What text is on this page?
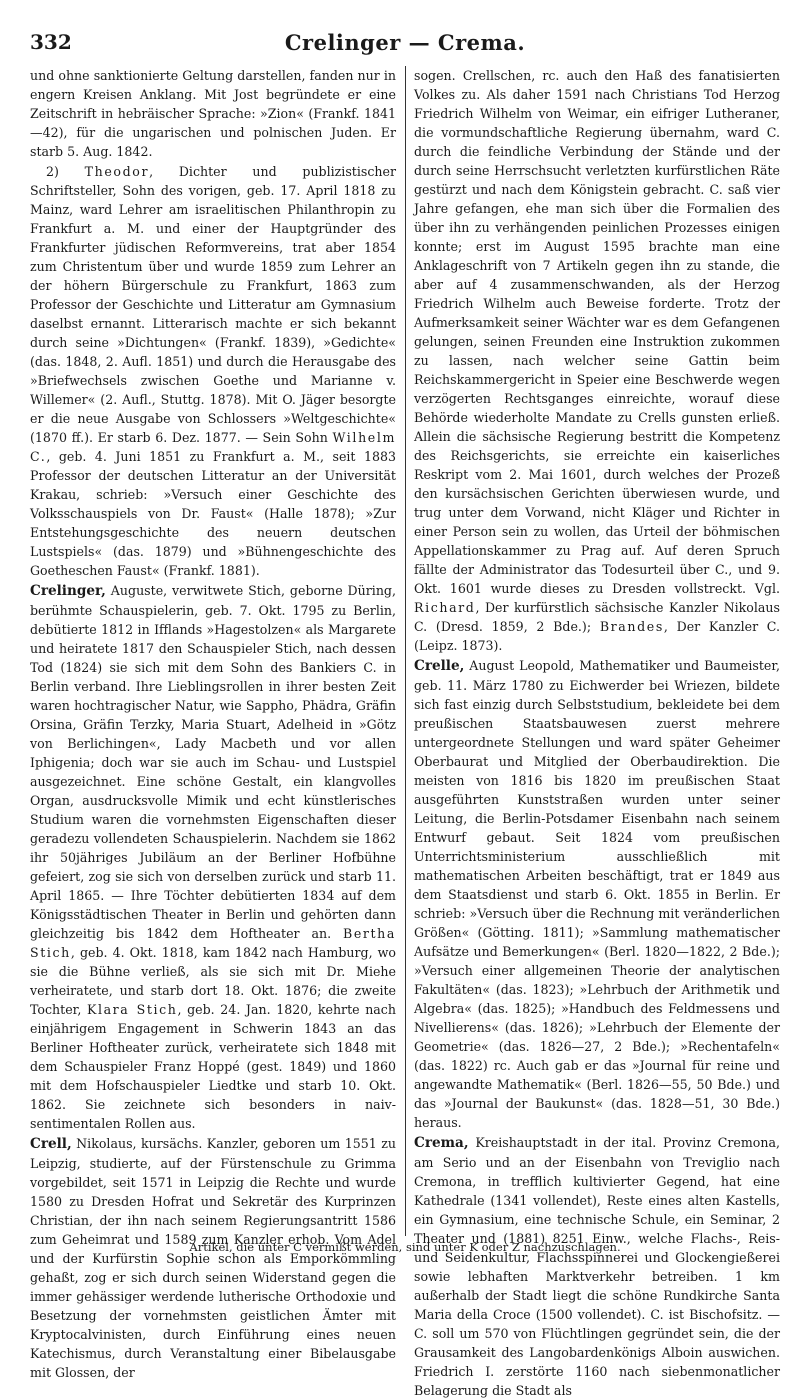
332	Crelinger — Crema.

und ohne sanktionierte Geltung darstellen, fanden nur in engern Kreisen Anklang. Mit Jost begründete er eine Zeitschrift in hebräischer Sprache: »Zion« (Frankf. 1841—42), für die ungarischen und polnischen Juden. Er starb 5. Aug. 1842.

2) Theodor, Dichter und publizistischer Schriftsteller, Sohn des vorigen, geb. 17. April 1818 zu Mainz, ward Lehrer am israelitischen Philanthropin zu Frankfurt a. M. und einer der Hauptgründer des Frankfurter jüdischen Reformvereins, trat aber 1854 zum Christentum über und wurde 1859 zum Lehrer an der höhern Bürgerschule zu Frankfurt, 1863 zum Professor der Geschichte und Litteratur am Gymnasium daselbst ernannt. Litterarisch machte er sich bekannt durch seine »Dichtungen« (Frankf. 1839), »Gedichte« (das. 1848, 2. Aufl. 1851) und durch die Herausgabe des »Briefwechsels zwischen Goethe und Marianne v. Willemer« (2. Aufl., Stuttg. 1878). Mit O. Jäger besorgte er die neue Ausgabe von Schlossers »Weltgeschichte« (1870 ff.). Er starb 6. Dez. 1877. — Sein Sohn Wilhelm C., geb. 4. Juni 1851 zu Frankfurt a. M., seit 1883 Professor der deutschen Litteratur an der Universität Krakau, schrieb: »Versuch einer Geschichte des Volksschauspiels von Dr. Faust« (Halle 1878); »Zur Entstehungsgeschichte des neuern deutschen Lustspiels« (das. 1879) und »Bühnengeschichte des Goetheschen Faust« (Frankf. 1881).

Crelinger, Auguste, verwitwete Stich, geborne Düring, berühmte Schauspielerin, geb. 7. Okt. 1795 zu Berlin, debütierte 1812 in Ifflands »Hagestolzen« als Margarete und heiratete 1817 den Schauspieler Stich, nach dessen Tod (1824) sie sich mit dem Sohn des Bankiers C. in Berlin verband. Ihre Lieblingsrollen in ihrer besten Zeit waren hochtragischer Natur, wie Sappho, Phädra, Gräfin Orsina, Gräfin Terzky, Maria Stuart, Adelheid in »Götz von Berlichingen«, Lady Macbeth und vor allen Iphigenia; doch war sie auch im Schau- und Lustspiel ausgezeichnet. Eine schöne Gestalt, ein klangvolles Organ, ausdrucksvolle Mimik und echt künstlerisches Studium waren die vornehmsten Eigenschaften dieser geradezu vollendeten Schauspielerin. Nachdem sie 1862 ihr 50jähriges Jubiläum an der Berliner Hofbühne gefeiert, zog sie sich von derselben zurück und starb 11. April 1865. — Ihre Töchter debütierten 1834 auf dem Königsstädtischen Theater in Berlin und gehörten dann gleichzeitig bis 1842 dem Hoftheater an. Bertha Stich, geb. 4. Okt. 1818, kam 1842 nach Hamburg, wo sie die Bühne verließ, als sie sich mit Dr. Miehe verheiratete, und starb dort 18. Okt. 1876; die zweite Tochter, Klara Stich, geb. 24. Jan. 1820, kehrte nach einjährigem Engagement in Schwerin 1843 an das Berliner Hoftheater zurück, verheiratete sich 1848 mit dem Schauspieler Franz Hoppé (gest. 1849) und 1860 mit dem Hofschauspieler Liedtke und starb 10. Okt. 1862. Sie zeichnete sich besonders in naiv-sentimentalen Rollen aus.

Crell, Nikolaus, kursächs. Kanzler, geboren um 1551 zu Leipzig, studierte, auf der Fürstenschule zu Grimma vorgebildet, seit 1571 in Leipzig die Rechte und wurde 1580 zu Dresden Hofrat und Sekretär des Kurprinzen Christian, der ihn nach seinem Regierungsantritt 1586 zum Geheimrat und 1589 zum Kanzler erhob. Vom Adel und der Kurfürstin Sophie schon als Emporkömmling gehaßt, zog er sich durch seinen Widerstand gegen die immer gehässiger werdende lutherische Orthodoxie und Besetzung der vornehmsten geistlichen Ämter mit Kryptocalvinisten, durch Einführung eines neuen Katechismus, durch Veranstaltung einer Bibelausgabe mit Glossen, der

sogen. Crellschen, rc. auch den Haß des fanatisierten Volkes zu. Als daher 1591 nach Christians Tod Herzog Friedrich Wilhelm von Weimar, ein eifriger Lutheraner, die vormundschaftliche Regierung übernahm, ward C. durch die feindliche Verbindung der Stände und der durch seine Herrschsucht verletzten kurfürstlichen Räte gestürzt und nach dem Königstein gebracht. C. saß vier Jahre gefangen, ehe man sich über die Formalien des über ihn zu verhängenden peinlichen Prozesses einigen konnte; erst im August 1595 brachte man eine Anklageschrift von 7 Artikeln gegen ihn zu stande, die aber auf 4 zusammenschwanden, als der Herzog Friedrich Wilhelm auch Beweise forderte. Trotz der Aufmerksamkeit seiner Wächter war es dem Gefangenen gelungen, seinen Freunden eine Instruktion zukommen zu lassen, nach welcher seine Gattin beim Reichskammergericht in Speier eine Beschwerde wegen verzögerten Rechtsganges einreichte, worauf diese Behörde wiederholte Mandate zu Crells gunsten erließ. Allein die sächsische Regierung bestritt die Kompetenz des Reichsgerichts, sie erreichte ein kaiserliches Reskript vom 2. Mai 1601, durch welches der Prozeß den kursächsischen Gerichten überwiesen wurde, und trug unter dem Vorwand, nicht Kläger und Richter in einer Person sein zu wollen, das Urteil der böhmischen Appellationskammer zu Prag auf. Auf deren Spruch fällte der Administrator das Todesurteil über C., und 9. Okt. 1601 wurde dieses zu Dresden vollstreckt. Vgl. Richard, Der kurfürstlich sächsische Kanzler Nikolaus C. (Dresd. 1859, 2 Bde.); Brandes, Der Kanzler C. (Leipz. 1873).

Crelle, August Leopold, Mathematiker und Baumeister, geb. 11. März 1780 zu Eichwerder bei Wriezen, bildete sich fast einzig durch Selbststudium, bekleidete bei dem preußischen Staatsbauwesen zuerst mehrere untergeordnete Stellungen und ward später Geheimer Oberbaurat und Mitglied der Oberbaudirektion. Die meisten von 1816 bis 1820 im preußischen Staat ausgeführten Kunststraßen wurden unter seiner Leitung, die Berlin-Potsdamer Eisenbahn nach seinem Entwurf gebaut. Seit 1824 vom preußischen Unterrichtsministerium ausschließlich mit mathematischen Arbeiten beschäftigt, trat er 1849 aus dem Staatsdienst und starb 6. Okt. 1855 in Berlin. Er schrieb: »Versuch über die Rechnung mit veränderlichen Größen« (Götting. 1811); »Sammlung mathematischer Aufsätze und Bemerkungen« (Berl. 1820—1822, 2 Bde.); »Versuch einer allgemeinen Theorie der analytischen Fakultäten« (das. 1823); »Lehrbuch der Arithmetik und Algebra« (das. 1825); »Handbuch des Feldmessens und Nivellierens« (das. 1826); »Lehrbuch der Elemente der Geometrie« (das. 1826—27, 2 Bde.); »Rechentafeln« (das. 1822) rc. Auch gab er das »Journal für reine und angewandte Mathematik« (Berl. 1826—55, 50 Bde.) und das »Journal der Baukunst« (das. 1828—51, 30 Bde.) heraus.

Crema, Kreishauptstadt in der ital. Provinz Cremona, am Serio und an der Eisenbahn von Treviglio nach Cremona, in trefflich kultivierter Gegend, hat eine Kathedrale (1341 vollendet), Reste eines alten Kastells, ein Gymnasium, eine technische Schule, ein Seminar, 2 Theater und (1881) 8251 Einw., welche Flachs-, Reis- und Seidenkultur, Flachsspinnerei und Glockengießerei sowie lebhaften Marktverkehr betreiben. 1 km außerhalb der Stadt liegt die schöne Rundkirche Santa Maria della Croce (1500 vollendet). C. ist Bischofsitz. — C. soll um 570 von Flüchtlingen gegründet sein, die der Grausamkeit des Langobardenkönigs Alboin auswichen. Friedrich I. zerstörte 1160 nach siebenmonatlicher Belagerung die Stadt als

Artikel, die unter C vermißt werden, sind unter K oder Z nachzuschlagen.
